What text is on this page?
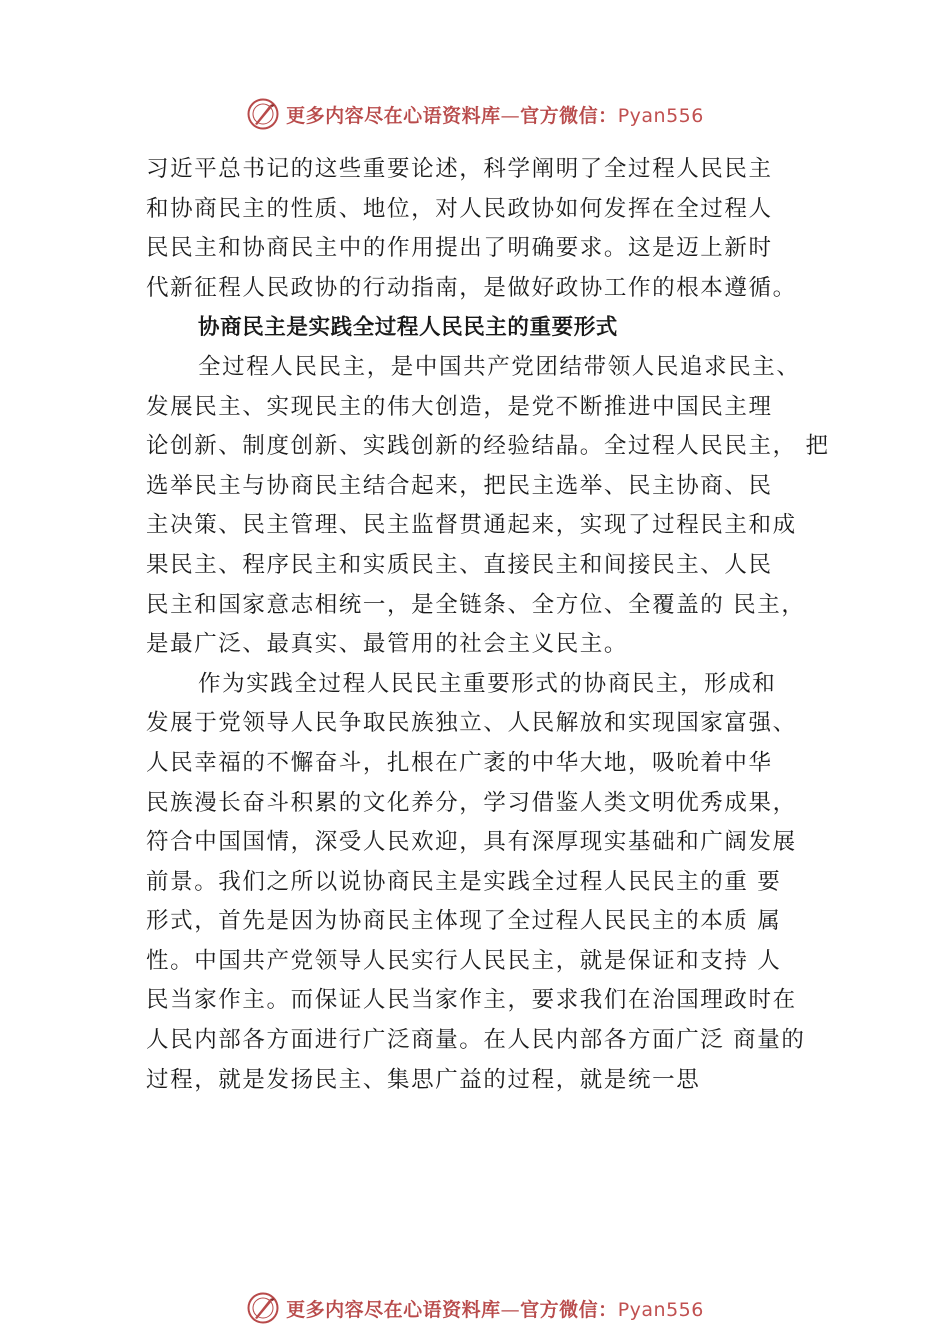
更多内容尽在心语资料库—官方微信：Pyan556
习近平总书记的这些重要论述，科学阐明了全过程人民民主
和协商民主的性质、地位，对人民政协如何发挥在全过程人
民民主和协商民主中的作用提出了明确要求。这是迈上新时
代新征程人民政协的行动指南，是做好政协工作的根本遵循。
协商民主是实践全过程人民民主的重要形式
全过程人民民主，是中国共产党团结带领人民追求民主、
发展民主、实现民主的伟大创造，是党不断推进中国民主理
论创新、制度创新、实践创新的经验结晶。全过程人民民主， 把
选举民主与协商民主结合起来，把民主选举、民主协商、民
主决策、民主管理、民主监督贯通起来，实现了过程民主和成
果民主、程序民主和实质民主、直接民主和间接民主、人民
民主和国家意志相统一，是全链条、全方位、全覆盖的 民主，
是最广泛、最真实、最管用的社会主义民主。
作为实践全过程人民民主重要形式的协商民主，形成和
发展于党领导人民争取民族独立、人民解放和实现国家富强、
人民幸福的不懈奋斗，扎根在广袤的中华大地，吸吮着中华
民族漫长奋斗积累的文化养分，学习借鉴人类文明优秀成果，
符合中国国情，深受人民欢迎，具有深厚现实基础和广阔发展
前景。我们之所以说协商民主是实践全过程人民民主的重 要
形式，首先是因为协商民主体现了全过程人民民主的本质 属
性。中国共产党领导人民实行人民民主，就是保证和支持 人
民当家作主。而保证人民当家作主，要求我们在治国理政时在
人民内部各方面进行广泛商量。在人民内部各方面广泛 商量的
过程，就是发扬民主、集思广益的过程，就是统一思
更多内容尽在心语资料库—官方微信：Pyan556
